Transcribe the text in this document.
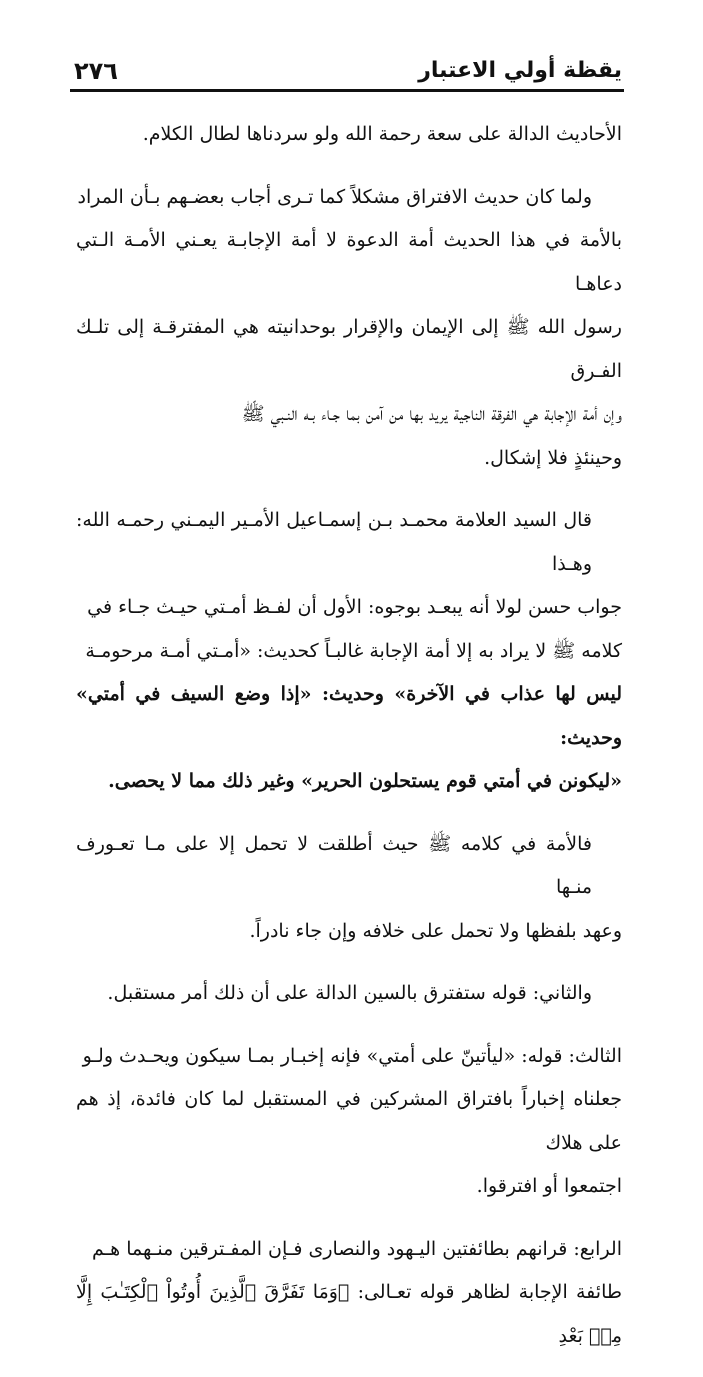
يقظة أولي الاعتبار
٢٧٦

الأحاديث الدالة على سعة رحمة الله ولو سردناها لطال الكلام.

ولما كان حديث الافتراق مشكلاً كما تـرى أجاب بعضـهم بـأن المراد
بالأمة في هذا الحديث أمة الدعوة لا أمة الإجابـة يعـني الأمـة الـتي دعاهـا
رسول الله ﷺ إلى الإيمان والإقرار بوحدانيته هي المفترقـة إلى تلـك الفـرق
وإن أمة الإجابة هي الفرقة الناجية يريد بها من آمن بما جـاء بـه النـبي ﷺ
وحينئذٍ فلا إشكال.

قال السيد العلامة محمـد بـن إسمـاعيل الأمـير اليمـني رحمـه الله: وهـذا
جواب حسن لولا أنه يبعـد بوجوه: الأول أن لفـظ أمـتي حيـث جـاء في
كلامه ﷺ لا يراد به إلا أمة الإجابة غالبـاً كحديث: «أمـتي أمـة مرحومـة
ليس لها عذاب في الآخرة» وحديث: «إذا وضع السيف في أمتي» وحديث:
«ليكونن في أمتي قوم يستحلون الحرير» وغير ذلك مما لا يحصى.

فالأمة في كلامه ﷺ حيث أطلقت لا تحمل إلا على مـا تعـورف منـها
وعهد بلفظها ولا تحمل على خلافه وإن جاء نادراً.

والثاني: قوله ستفترق بالسين الدالة على أن ذلك أمر مستقبل.

الثالث: قوله: «ليأتينّ على أمتي» فإنه إخبـار بمـا سيكون ويحـدث ولـو
جعلناه إخباراً بافتراق المشركين في المستقبل لما كان فائدة، إذ هم على هلاك
اجتمعوا أو افترقوا.

الرابع: قرانهم بطائفتين اليـهود والنصارى فـإن المفـترقين منـهما هـم
طائفة الإجابة لظاهر قوله تعـالى: ﴿وَمَا تَفَرَّقَ ٱلَّذِينَ أُوتُواْ ٱلْكِتَـٰبَ إِلَّا مِنۢ بَعْدِ
